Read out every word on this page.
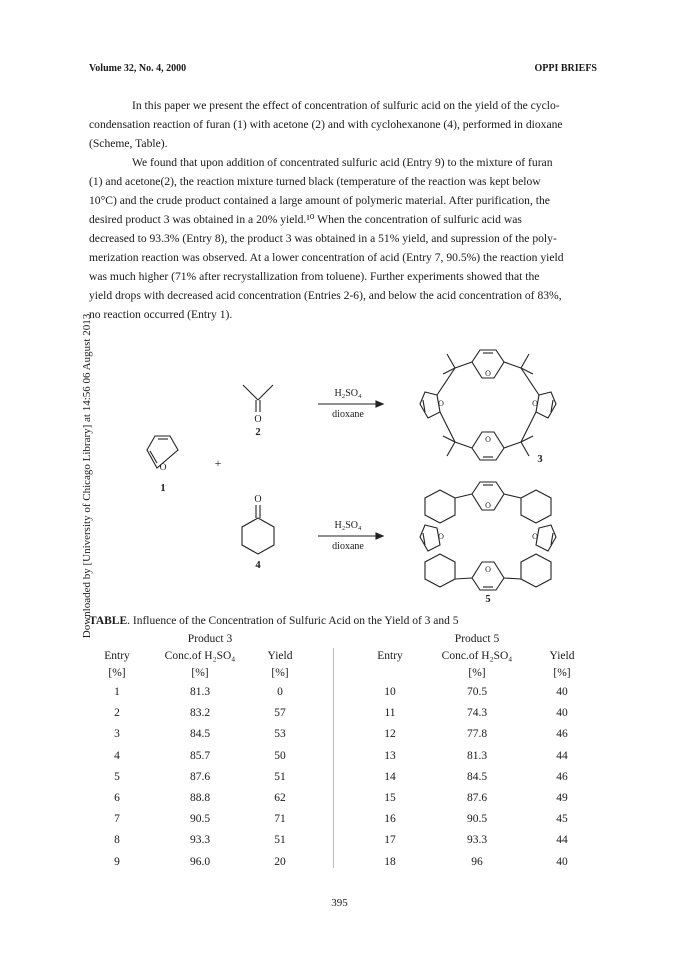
Volume 32, No. 4, 2000	OPPI BRIEFS
Downloaded by [University of Chicago Library] at 14:56 06 August 2013
In this paper we present the effect of concentration of sulfuric acid on the yield of the cyclo-
condensation reaction of furan (1) with acetone (2) and with cyclohexanone (4), performed in dioxane
(Scheme, Table).
We found that upon addition of concentrated sulfuric acid (Entry 9) to the mixture of furan
(1) and acetone(2), the reaction mixture turned black (temperature of the reaction was kept below
10°C) and the crude product contained a large amount of polymeric material. After purification, the
desired product 3 was obtained in a 20% yield.¹⁰ When the concentration of sulfuric acid was
decreased to 93.3% (Entry 8), the product 3 was obtained in a 51% yield, and supression of the poly-
merization reaction was observed. At a lower concentration of acid (Entry 7, 90.5%) the reaction yield
was much higher (71% after recrystallization from toluene). Further experiments showed that the
yield drops with decreased acid concentration (Entries 2-6), and below the acid concentration of 83%,
no reaction occurred (Entry 1).
O
2
O
1
+
O
4
H₂SO₄
dioxane
H₂SO₄
dioxane
O
O
O	O
3
O
O
O	O
5
TABLE. Influence of the Concentration of Sulfuric Acid on the Yield of 3 and 5
Product 3	Product 5
Entry	Conc.of H₂SO₄	Yield
[%]	[%]	[%]
Entry	Conc.of H₂SO₄	Yield
[%]	[%]
1	81.3	0
2	83.2	57
3	84.5	53
4	85.7	50
5	87.6	51
6	88.8	62
7	90.5	71
8	93.3	51
9	96.0	20
10	70.5	40
11	74.3	40
12	77.8	46
13	81.3	44
14	84.5	46
15	87.6	49
16	90.5	45
17	93.3	44
18	96	40
395
